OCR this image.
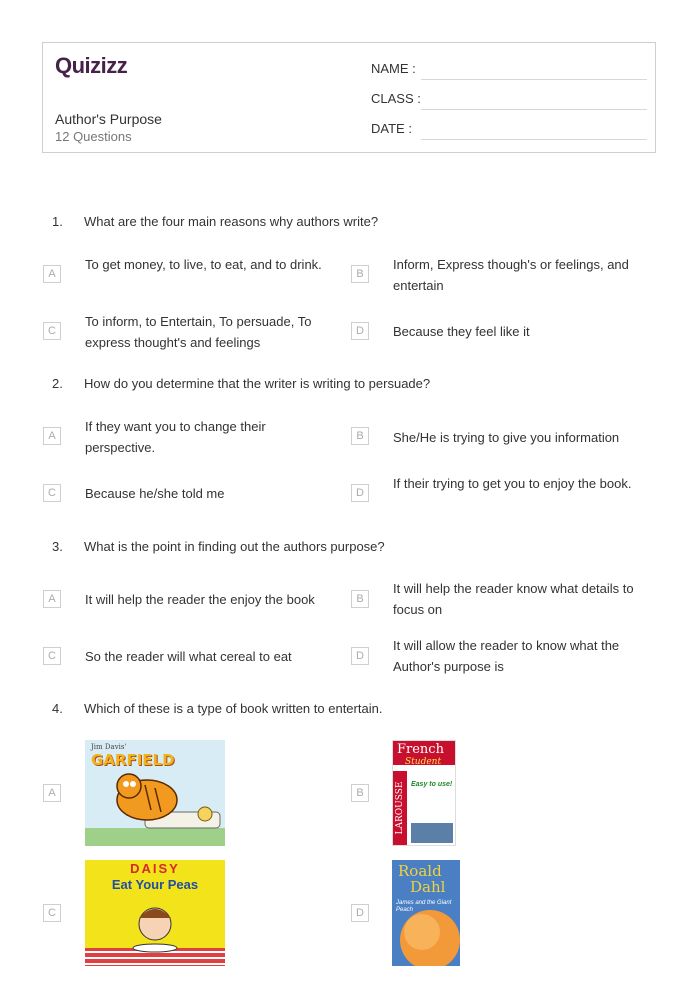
Quizizz
Author's Purpose
12 Questions
NAME :
CLASS :
DATE :
1.	What are the four main reasons why authors write?
A
To get money, to live, to eat, and to drink.
B
Inform, Express though's or feelings, and entertain
C
To inform, to Entertain, To persuade, To express thought's and feelings
D	Because they feel like it
2.	How do you determine that the writer is writing to persuade?
A
If they want you to change their perspective.
B	She/He is trying to give you information
C	Because he/she told me	D
If their trying to get you to enjoy the book.
3.	What is the point in finding out the authors purpose?
A	It will help the reader the enjoy the book	B
It will help the reader know what details to focus on
C	So the reader will what cereal to eat	D
It will allow the reader to know what the Author's purpose is
4.	Which of these is a type of book written to entertain.
A
Jim Davis'
GARFIELD
B
French
Student
LAROUSSE Easy to use!
C
DAISY
Eat Your Peas
D
Roald
Dahl
James and the Giant Peach
